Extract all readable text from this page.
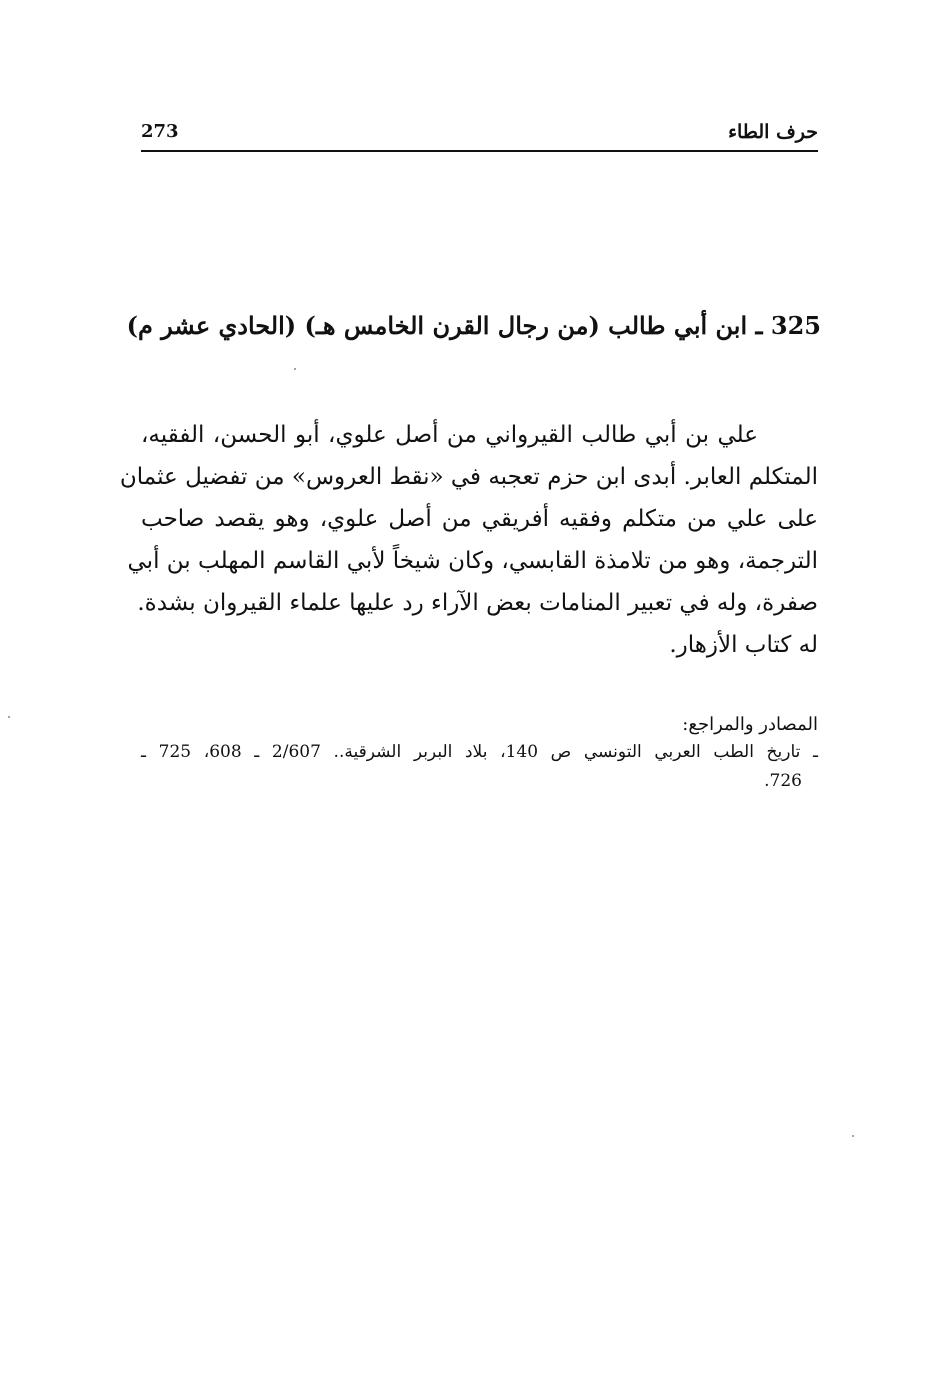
273	حرف الطاء
325 ـ ابن أبي طالب (من رجال القرن الخامس هـ) (الحادي عشر م)
علي بن أبي طالب القيرواني من أصل علوي، أبو الحسن، الفقيه،
المتكلم العابر. أبدى ابن حزم تعجبه في «نقط العروس» من تفضيل عثمان
على علي من متكلم وفقيه أفريقي من أصل علوي، وهو يقصد صاحب
الترجمة، وهو من تلامذة القابسي، وكان شيخاً لأبي القاسم المهلب بن أبي
صفرة، وله في تعبير المنامات بعض الآراء رد عليها علماء القيروان بشدة.
له كتاب الأزهار.
المصادر والمراجع:
ـ تاريخ الطب العربي التونسي ص 140، بلاد البربر الشرقية.. 2/607 ـ 608، 725 ـ
726.
